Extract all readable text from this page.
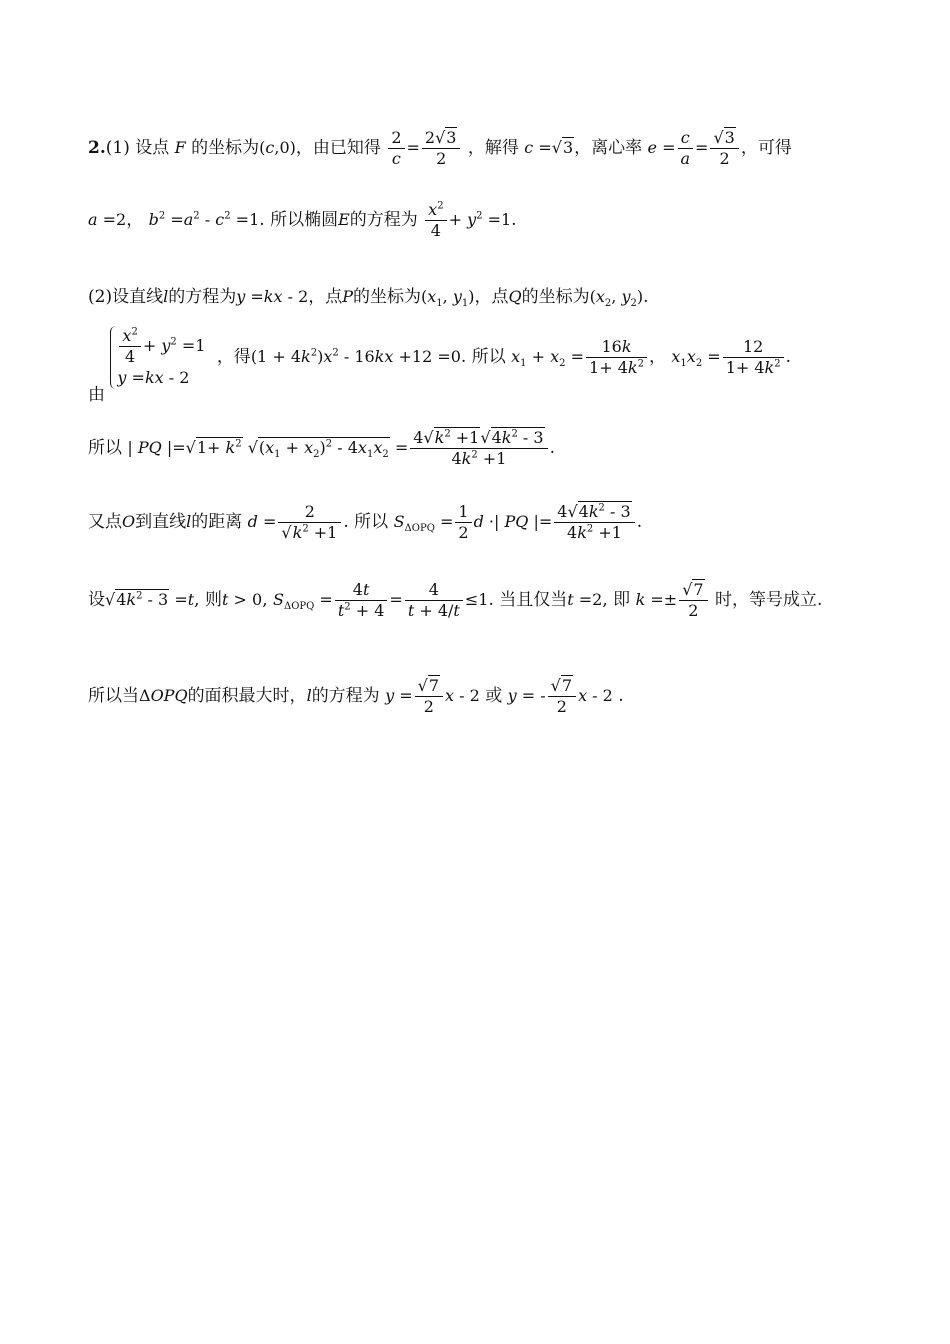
2.(1) 设点 F 的坐标为(c,0)，由已知得 $\frac{2}{c} = \frac{2√3}{2}$ ，解得 c =√3，离心率 $e = \frac{c}{a} = \frac{√3}{2}$ ，可得
a =2， $b^2 =a^2 - c^2 =1$. 所以椭圆E的方程为 $\frac{x^2}{4} + y^2 =1$.
(2)设直线l的方程为y =kx - 2，点P的坐标为($x_1$, $y_1$)，点Q的坐标为($x_2$, $y_2$).
由
$\frac{x^2}{4} + y^2 =1$
y =kx - 2
，得$(1 + 4k^2)x^2 - 16kx +12 =0$. 所以 $x_1 + x_2 = \frac{16k}{1+ 4k^2}$ ， $x_1x_2 = \frac{12}{1+ 4k^2}$ .
所以 | PQ $|=√1+ k^2$ $√(x_1 + x_2)^2 - 4x_1x_2 = \frac{4√k^2 +1√4k^2 - 3}{4k^2 +1}$ .
又点O到直线l的距离 $d = \frac{2}{√k^2 +1}$ . 所以 $S_{\Delta OPQ} = \frac{1}{2}$ d ·| PQ |= $\frac{4√4k^2 - 3}{4k^2 +1}$ .
设$√4k^2 - 3 =t$, 则t > 0, $S_{\Delta OPQ} = \frac{4t}{t^2 + 4} = \frac{4}{t + 4/t} \le 1$. 当且仅当t =2, 即 $k =\pm \frac{√7}{2}$ 时，等号成立.
所以当ΔOPQ的面积最大时，l的方程为 $y = \frac{√7}{2}$ x - 2 或 y = - $\frac{√7}{2}$ x - 2 .
